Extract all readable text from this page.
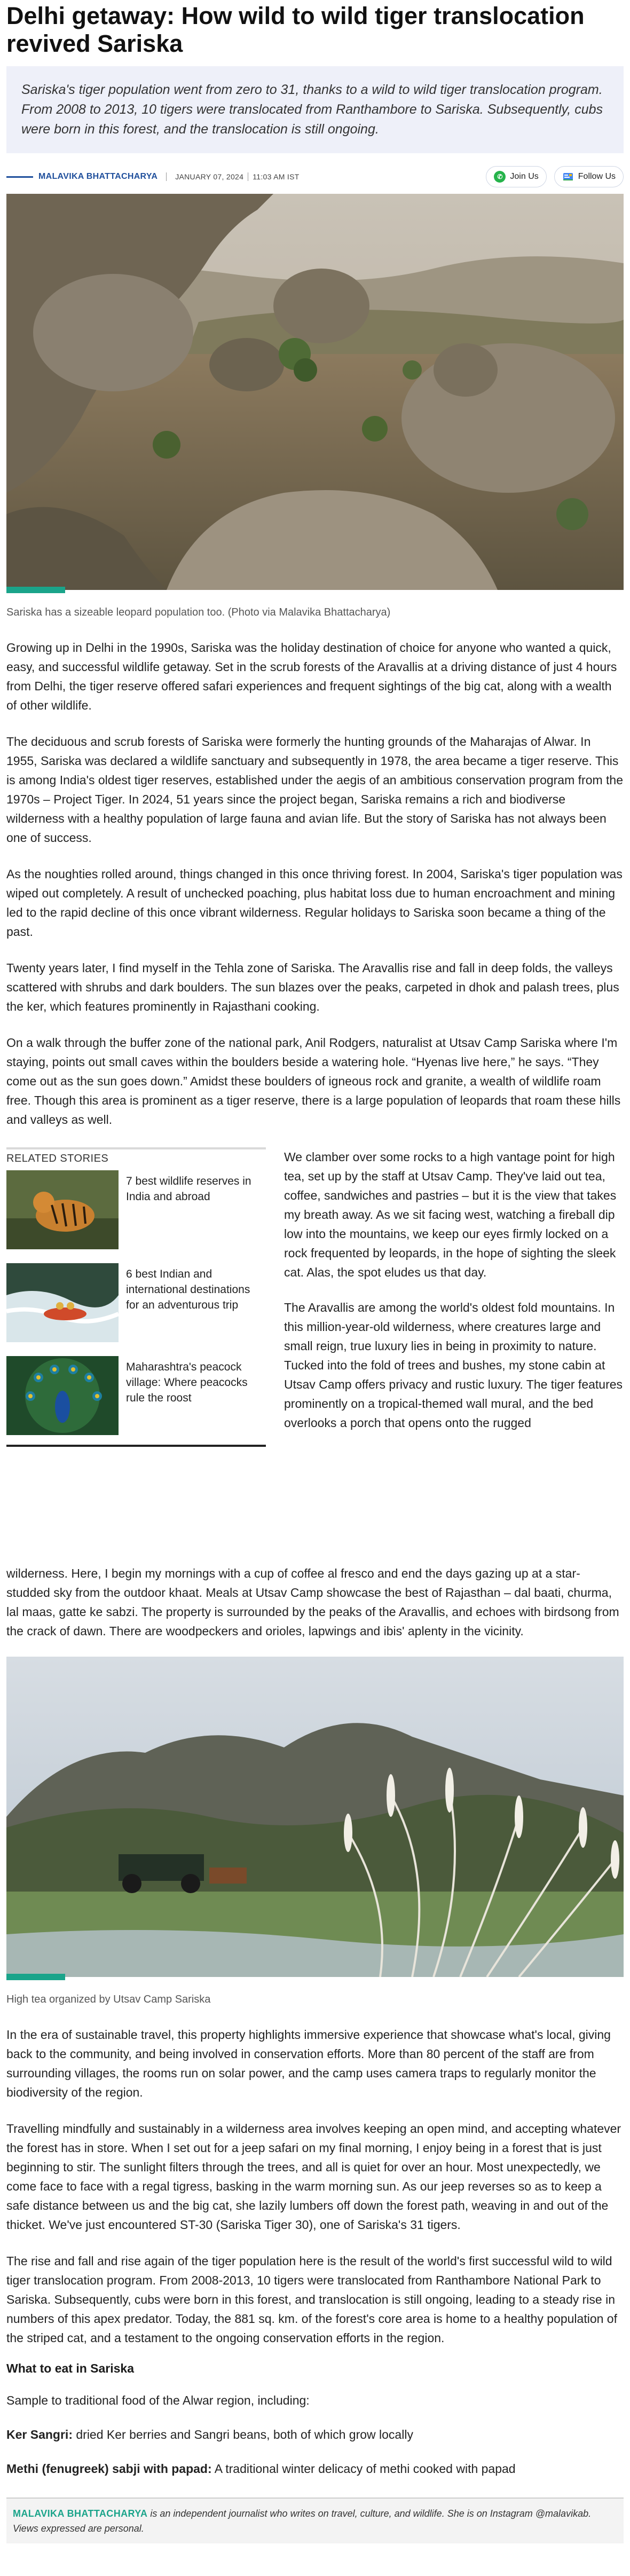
Delhi getaway: How wild to wild tiger translocation revived Sariska

Sariska's tiger population went from zero to 31, thanks to a wild to wild tiger translocation program. From 2008 to 2013, 10 tigers were translocated from Ranthambore to Sariska. Subsequently, cubs were born in this forest, and the translocation is still ongoing.

MALAVIKA BHATTACHARYA JANUARY 07, 2024 11:03 AM IST	✆ Join Us	Follow Us

Sariska has a sizeable leopard population too. (Photo via Malavika Bhattacharya)

Growing up in Delhi in the 1990s, Sariska was the holiday destination of choice for anyone who wanted a quick, easy, and successful wildlife getaway. Set in the scrub forests of the Aravallis at a driving distance of just 4 hours from Delhi, the tiger reserve offered safari experiences and frequent sightings of the big cat, along with a wealth of other wildlife.

The deciduous and scrub forests of Sariska were formerly the hunting grounds of the Maharajas of Alwar. In 1955, Sariska was declared a wildlife sanctuary and subsequently in 1978, the area became a tiger reserve. This is among India's oldest tiger reserves, established under the aegis of an ambitious conservation program from the 1970s – Project Tiger. In 2024, 51 years since the project began, Sariska remains a rich and biodiverse wilderness with a healthy population of large fauna and avian life. But the story of Sariska has not always been one of success.

As the noughties rolled around, things changed in this once thriving forest. In 2004, Sariska's tiger population was wiped out completely. A result of unchecked poaching, plus habitat loss due to human encroachment and mining led to the rapid decline of this once vibrant wilderness. Regular holidays to Sariska soon became a thing of the past.

Twenty years later, I find myself in the Tehla zone of Sariska. The Aravallis rise and fall in deep folds, the valleys scattered with shrubs and dark boulders. The sun blazes over the peaks, carpeted in dhok and palash trees, plus the ker, which features prominently in Rajasthani cooking.

On a walk through the buffer zone of the national park, Anil Rodgers, naturalist at Utsav Camp Sariska where I'm staying, points out small caves within the boulders beside a watering hole. “Hyenas live here,” he says. “They come out as the sun goes down.” Amidst these boulders of igneous rock and granite, a wealth of wildlife roam free. Though this area is prominent as a tiger reserve, there is a large population of leopards that roam these hills and valleys as well.

RELATED STORIES
7 best wildlife reserves in India and abroad
6 best Indian and international destinations for an adventurous trip
Maharashtra's peacock village: Where peacocks rule the roost

We clamber over some rocks to a high vantage point for high tea, set up by the staff at Utsav Camp. They've laid out tea, coffee, sandwiches and pastries – but it is the view that takes my breath away. As we sit facing west, watching a fireball dip low into the mountains, we keep our eyes firmly locked on a rock frequented by leopards, in the hope of sighting the sleek cat. Alas, the spot eludes us that day.

The Aravallis are among the world's oldest fold mountains. In this million-year-old wilderness, where creatures large and small reign, true luxury lies in being in proximity to nature. Tucked into the fold of trees and bushes, my stone cabin at Utsav Camp offers privacy and rustic luxury. The tiger features prominently on a tropical-themed wall mural, and the bed overlooks a porch that opens onto the rugged

wilderness. Here, I begin my mornings with a cup of coffee al fresco and end the days gazing up at a star-studded sky from the outdoor khaat. Meals at Utsav Camp showcase the best of Rajasthan – dal baati, churma, lal maas, gatte ke sabzi. The property is surrounded by the peaks of the Aravallis, and echoes with birdsong from the crack of dawn. There are woodpeckers and orioles, lapwings and ibis' aplenty in the vicinity.

High tea organized by Utsav Camp Sariska

In the era of sustainable travel, this property highlights immersive experience that showcase what's local, giving back to the community, and being involved in conservation efforts. More than 80 percent of the staff are from surrounding villages, the rooms run on solar power, and the camp uses camera traps to regularly monitor the biodiversity of the region.

Travelling mindfully and sustainably in a wilderness area involves keeping an open mind, and accepting whatever the forest has in store. When I set out for a jeep safari on my final morning, I enjoy being in a forest that is just beginning to stir. The sunlight filters through the trees, and all is quiet for over an hour. Most unexpectedly, we come face to face with a regal tigress, basking in the warm morning sun. As our jeep reverses so as to keep a safe distance between us and the big cat, she lazily lumbers off down the forest path, weaving in and out of the thicket. We've just encountered ST-30 (Sariska Tiger 30), one of Sariska's 31 tigers.

The rise and fall and rise again of the tiger population here is the result of the world's first successful wild to wild tiger translocation program. From 2008-2013, 10 tigers were translocated from Ranthambore National Park to Sariska. Subsequently, cubs were born in this forest, and translocation is still ongoing, leading to a steady rise in numbers of this apex predator. Today, the 881 sq. km. of the forest's core area is home to a healthy population of the striped cat, and a testament to the ongoing conservation efforts in the region.

What to eat in Sariska

Sample to traditional food of the Alwar region, including:

Ker Sangri: dried Ker berries and Sangri beans, both of which grow locally

Methi (fenugreek) sabji with papad: A traditional winter delicacy of methi cooked with papad

MALAVIKA BHATTACHARYA is an independent journalist who writes on travel, culture, and wildlife. She is on Instagram @malavikab. Views expressed are personal.
